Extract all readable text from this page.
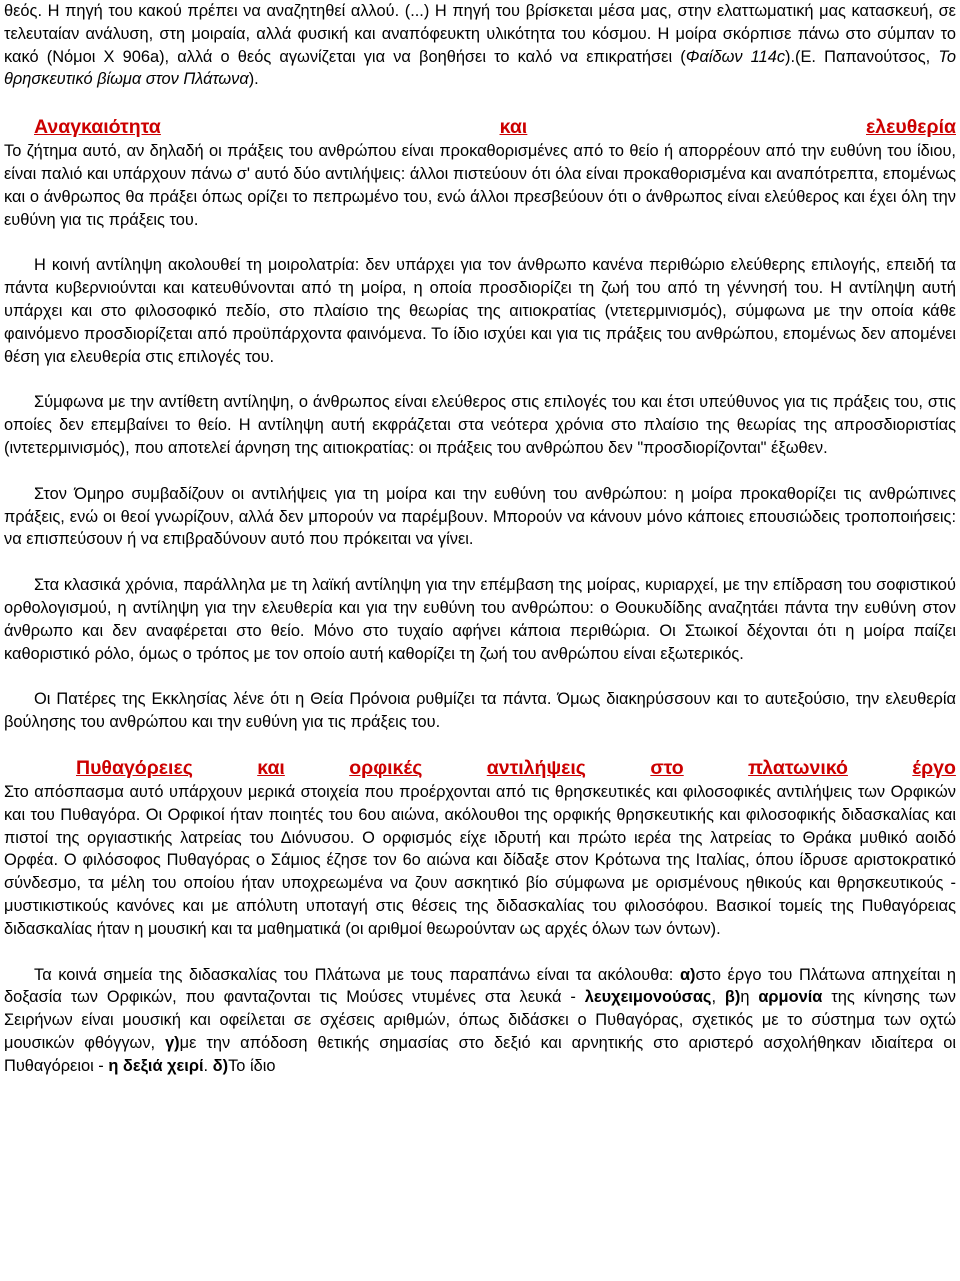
θεός. Η πηγή του κακού πρέπει να αναζητηθεί αλλού. (...) Η πηγή του βρίσκεται μέσα μας, στην ελαττωματική μας κατασκευή, σε τελευταίαν ανάλυση, στη μοιραία, αλλά φυσική και αναπόφευκτη υλικότητα του κόσμου. Η μοίρα σκόρπισε πάνω στο σύμπαν το κακό (Νόμοι Χ 906a), αλλά ο θεός αγωνίζεται για να βοηθήσει το καλό να επικρατήσει (Φαίδων 114c).(Ε. Παπανούτσος, Το θρησκευτικό βίωμα στον Πλάτωνα).

Αναγκαιότητα	και	ελευθερία

Το ζήτημα αυτό, αν δηλαδή οι πράξεις του ανθρώπου είναι προκαθορισμένες από το θείο ή απορρέουν από την ευθύνη του ίδιου, είναι παλιό και υπάρχουν πάνω σ' αυτό δύο αντιλήψεις: άλλοι πιστεύουν ότι όλα είναι προκαθορισμένα και αναπότρεπτα, επομένως και ο άνθρωπος θα πράξει όπως ορίζει το πεπρωμένο του, ενώ άλλοι πρεσβεύουν ότι ο άνθρωπος είναι ελεύθερος και έχει όλη την ευθύνη για τις πράξεις του.

Η κοινή αντίληψη ακολουθεί τη μοιρολατρία: δεν υπάρχει για τον άνθρωπο κανένα περιθώριο ελεύθερης επιλογής, επειδή τα πάντα κυβερνιούνται και κατευθύνονται από τη μοίρα, η οποία προσδιορίζει τη ζωή του από τη γέννησή του. Η αντίληψη αυτή υπάρχει και στο φιλοσοφικό πεδίο, στο πλαίσιο της θεωρίας της αιτιοκρατίας (ντετερμινισμός), σύμφωνα με την οποία κάθε φαινόμενο προσδιορίζεται από προϋπάρχοντα φαινόμενα. Το ίδιο ισχύει και για τις πράξεις του ανθρώπου, επομένως δεν απομένει θέση για ελευθερία στις επιλογές του.

Σύμφωνα με την αντίθετη αντίληψη, ο άνθρωπος είναι ελεύθερος στις επιλογές του και έτσι υπεύθυνος για τις πράξεις του, στις οποίες δεν επεμβαίνει το θείο. Η αντίληψη αυτή εκφράζεται στα νεότερα χρόνια στο πλαίσιο της θεωρίας της απροσδιοριστίας (ιντετερμινισμός), που αποτελεί άρνηση της αιτιοκρατίας: οι πράξεις του ανθρώπου δεν "προσδιορίζονται" έξωθεν.

Στον Όμηρο συμβαδίζουν οι αντιλήψεις για τη μοίρα και την ευθύνη του ανθρώπου: η μοίρα προκαθορίζει τις ανθρώπινες πράξεις, ενώ οι θεοί γνωρίζουν, αλλά δεν μπορούν να παρέμβουν. Μπορούν να κάνουν μόνο κάποιες επουσιώδεις τροποποιήσεις: να επισπεύσουν ή να επιβραδύνουν αυτό που πρόκειται να γίνει.

Στα κλασικά χρόνια, παράλληλα με τη λαϊκή αντίληψη για την επέμβαση της μοίρας, κυριαρχεί, με την επίδραση του σοφιστικού ορθολογισμού, η αντίληψη για την ελευθερία και για την ευθύνη του ανθρώπου: ο Θουκυδίδης αναζητάει πάντα την ευθύνη στον άνθρωπο και δεν αναφέρεται στο θείο. Μόνο στο τυχαίο αφήνει κάποια περιθώρια. Οι Στωικοί δέχονται ότι η μοίρα παίζει καθοριστικό ρόλο, όμως ο τρόπος με τον οποίο αυτή καθορίζει τη ζωή του ανθρώπου είναι εξωτερικός.

Οι Πατέρες της Εκκλησίας λένε ότι η Θεία Πρόνοια ρυθμίζει τα πάντα. Όμως διακηρύσσουν και το αυτεξούσιο, την ελευθερία βούλησης του ανθρώπου και την ευθύνη για τις πράξεις του.

Πυθαγόρειες	και	ορφικές	αντιλήψεις	στο	πλατωνικό	έργο

Στο απόσπασμα αυτό υπάρχουν μερικά στοιχεία που προέρχονται από τις θρησκευτικές και φιλοσοφικές αντιλήψεις των Ορφικών και του Πυθαγόρα. Οι Ορφικοί ήταν ποιητές του 6ου αιώνα, ακόλουθοι της ορφικής θρησκευτικής και φιλοσοφικής διδασκαλίας και πιστοί της οργιαστικής λατρείας του Διόνυσου. Ο ορφισμός είχε ιδρυτή και πρώτο ιερέα της λατρείας το Θράκα μυθικό αοιδό Ορφέα. Ο φιλόσοφος Πυθαγόρας ο Σάμιος έζησε τον 6ο αιώνα και δίδαξε στον Κρότωνα της Ιταλίας, όπου ίδρυσε αριστοκρατικό σύνδεσμο, τα μέλη του οποίου ήταν υποχρεωμένα να ζουν ασκητικό βίο σύμφωνα με ορισμένους ηθικούς και θρησκευτικούς - μυστικιστικούς κανόνες και με απόλυτη υποταγή στις θέσεις της διδασκαλίας του φιλοσόφου. Βασικοί τομείς της Πυθαγόρειας διδασκαλίας ήταν η μουσική και τα μαθηματικά (οι αριθμοί θεωρούνταν ως αρχές όλων των όντων).

Τα κοινά σημεία της διδασκαλίας του Πλάτωνα με τους παραπάνω είναι τα ακόλουθα: α)στο έργο του Πλάτωνα απηχείται η δοξασία των Ορφικών, που φανταζονται τις Μούσες ντυμένες στα λευκά - λευχειμονούσας, β)η αρμονία της κίνησης των Σειρήνων είναι μουσική και οφείλεται σε σχέσεις αριθμών, όπως διδάσκει ο Πυθαγόρας, σχετικός με το σύστημα των οχτώ μουσικών φθόγγων, γ)με την απόδοση θετικής σημασίας στο δεξιό και αρνητικής στο αριστερό ασχολήθηκαν ιδιαίτερα οι Πυθαγόρειοι - η δεξιά χειρί. δ)Το ίδιο
